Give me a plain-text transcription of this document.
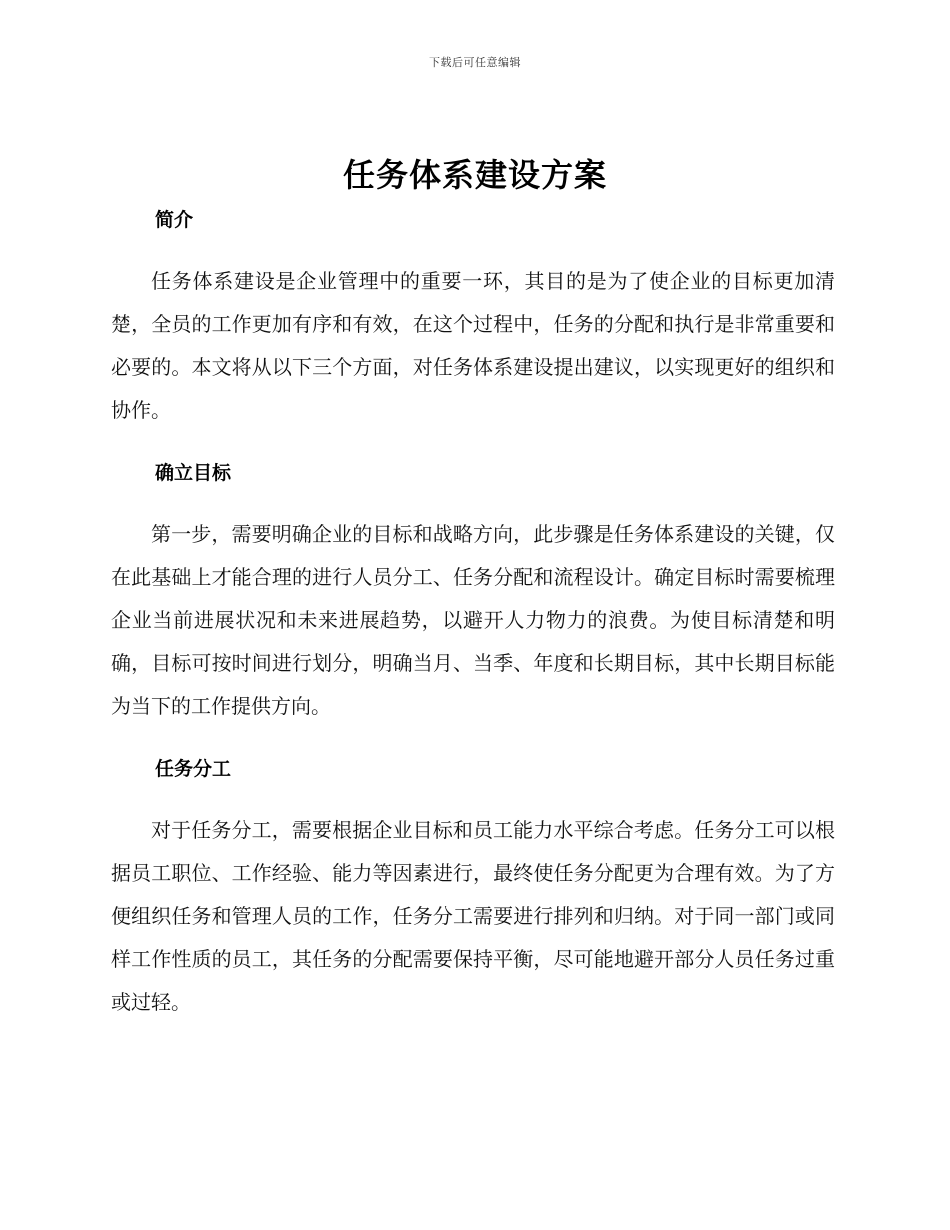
下载后可任意编辑
任务体系建设方案
简介

任务体系建设是企业管理中的重要一环，其目的是为了使企业的目标更加清楚，全员的工作更加有序和有效，在这个过程中，任务的分配和执行是非常重要和必要的。本文将从以下三个方面，对任务体系建设提出建议，以实现更好的组织和协作。

确立目标

第一步，需要明确企业的目标和战略方向，此步骤是任务体系建设的关键，仅在此基础上才能合理的进行人员分工、任务分配和流程设计。确定目标时需要梳理企业当前进展状况和未来进展趋势，以避开人力物力的浪费。为使目标清楚和明确，目标可按时间进行划分，明确当月、当季、年度和长期目标，其中长期目标能为当下的工作提供方向。

任务分工

对于任务分工，需要根据企业目标和员工能力水平综合考虑。任务分工可以根据员工职位、工作经验、能力等因素进行，最终使任务分配更为合理有效。为了方便组织任务和管理人员的工作，任务分工需要进行排列和归纳。对于同一部门或同样工作性质的员工，其任务的分配需要保持平衡，尽可能地避开部分人员任务过重或过轻。
